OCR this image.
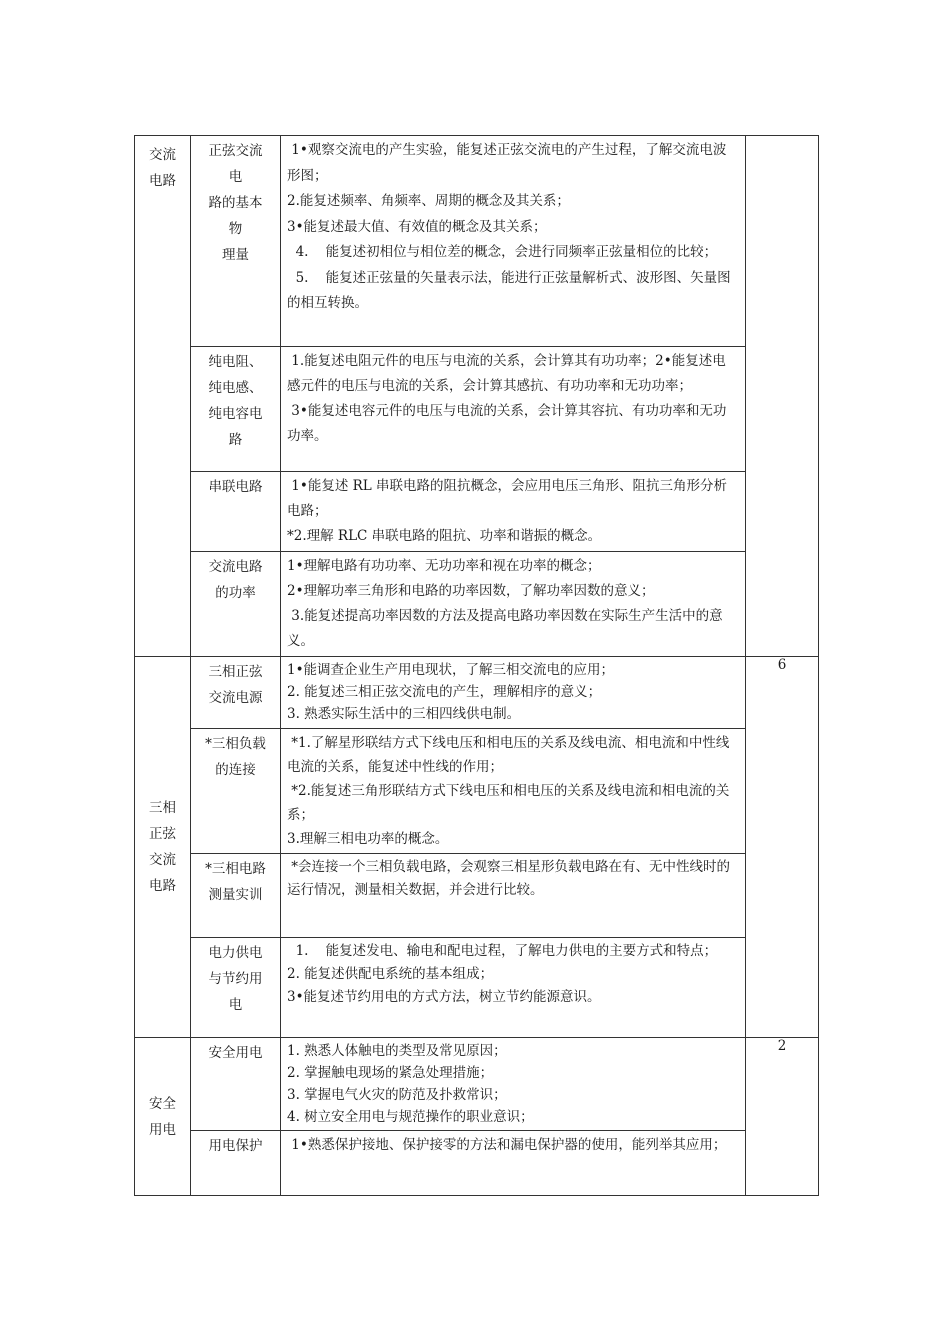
交流
电路	正弦交流
电
路的基本
物
理量	1•观察交流电的产生实验，能复述正弦交流电的产生过程，了解交流电波形图；
2.能复述频率、角频率、周期的概念及其关系；
3•能复述最大值、有效值的概念及其关系；
4.    能复述初相位与相位差的概念，会进行同频率正弦量相位的比较；
5.    能复述正弦量的矢量表示法，能进行正弦量解析式、波形图、矢量图的相互转换。	

	纯电阻、
纯电感、
纯电容电
路	1.能复述电阻元件的电压与电流的关系，会计算其有功功率；2•能复述电感元件的电压与电流的关系，会计算其感抗、有功功率和无功功率；
3•能复述电容元件的电压与电流的关系，会计算其容抗、有功功率和无功功率。	

	串联电路	1•能复述 RL 串联电路的阻抗概念，会应用电压三角形、阻抗三角形分析电路；
*2.理解 RLC 串联电路的阻抗、功率和谐振的概念。	

	交流电路
的功率	1•理解电路有功功率、无功功率和视在功率的概念；
2•理解功率三角形和电路的功率因数，了解功率因数的意义；
3.能复述提高功率因数的方法及提高电路功率因数在实际生产生活中的意义。	

三相
正弦
交流
电路	三相正弦
交流电源	1•能调查企业生产用电现状，了解三相交流电的应用；
2. 能复述三相正弦交流电的产生，理解相序的意义；
3. 熟悉实际生活中的三相四线供电制。	6
	*三相负载
的连接	*1.了解星形联结方式下线电压和相电压的关系及线电流、相电流和中性线电流的关系，能复述中性线的作用；
*2.能复述三角形联结方式下线电压和相电压的关系及线电流和相电流的关系；
3.理解三相电功率的概念。	

	*三相电路
测量实训	*会连接一个三相负载电路，会观察三相星形负载电路在有、无中性线时的运行情况，测量相关数据，并会进行比较。	

	电力供电
与节约用
电	1.    能复述发电、输电和配电过程，了解电力供电的主要方式和特点；
2. 能复述供配电系统的基本组成；
3•能复述节约用电的方式方法，树立节约能源意识。	

安全
用电	安全用电	1. 熟悉人体触电的类型及常见原因；
2. 掌握触电现场的紧急处理措施；
3. 掌握电气火灾的防范及扑救常识；
4. 树立安全用电与规范操作的职业意识；	2
	用电保护	1•熟悉保护接地、保护接零的方法和漏电保护器的使用，能列举其应用；	
